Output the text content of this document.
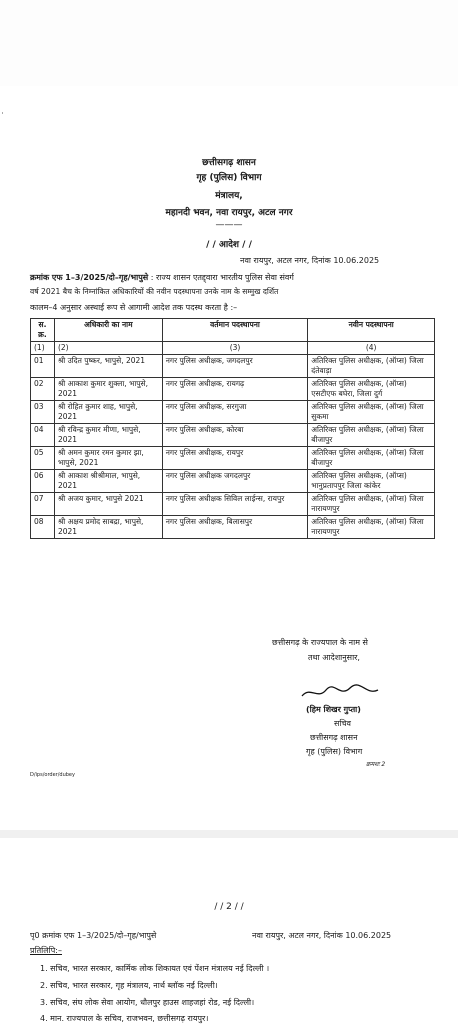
छत्तीसगढ़ शासन
गृह (पुलिस) विभाग
मंत्रालय,
महानदी भवन, नवा रायपुर, अटल नगर
———
/ / आदेश / /
नवा रायपुर, अटल नगर, दिनांक 10.06.2025
क्रमांक एफ 1–3/2025/दो–गृह/भापुसे : राज्य शासन एतद्द्वारा भारतीय पुलिस सेवा संवर्ग
वर्ष 2021 बैच के निम्नांकित अधिकारियों की नवीन पदस्थापना उनके नाम के सम्मुख दर्शित
कालम–4 अनुसार अस्थाई रूप से आगामी आदेश तक पदस्थ करता है :–
स. क्र.	अधिकारी का नाम	वर्तमान पदस्थापना	नवीन पदस्थापना
(1)	(2)	(3)	(4)
01	श्री उदित पुष्कर, भापुसे, 2021	नगर पुलिस अधीक्षक, जगदलपुर	अतिरिक्त पुलिस अधीक्षक, (ऑप्स) जिला दंतेवाड़ा
02	श्री आकाश कुमार शुक्ला, भापुसे, 2021	नगर पुलिस अधीक्षक, रायगढ़	अतिरिक्त पुलिस अधीक्षक, (ऑप्स) एसटीएफ बघेरा, जिला दुर्ग
03	श्री रोहित कुमार शाह, भापुसे, 2021	नगर पुलिस अधीक्षक, सरगुजा	अतिरिक्त पुलिस अधीक्षक, (ऑप्स) जिला सुकमा
04	श्री रविन्द्र कुमार मीणा, भापुसे, 2021	नगर पुलिस अधीक्षक, कोरबा	अतिरिक्त पुलिस अधीक्षक, (ऑप्स) जिला बीजापुर
05	श्री अमन कुमार रमन कुमार झा, भापुसे, 2021	नगर पुलिस अधीक्षक, रायपुर	अतिरिक्त पुलिस अधीक्षक, (ऑप्स) जिला बीजापुर
06	श्री आकाश श्रीश्रीमाल, भापुसे, 2021	नगर पुलिस अधीक्षक जगदलपुर	अतिरिक्त पुलिस अधीक्षक, (ऑप्स) भानुप्रतापपुर जिला कांकेर
07	श्री अजय कुमार, भापुसे 2021	नगर पुलिस अधीक्षक सिविल लाईन्स, रायपुर	अतिरिक्त पुलिस अधीक्षक, (ऑप्स) जिला नारायणपुर
08	श्री अक्षय प्रमोद साबद्रा, भापुसे, 2021	नगर पुलिस अधीक्षक, बिलासपुर	अतिरिक्त पुलिस अधीक्षक, (ऑप्स) जिला नारायणपुर
छत्तीसगढ़ के राज्यपाल के नाम से
तथा आदेशानुसार,
(हिम शिखर गुप्ता)
सचिव
छत्तीसगढ़ शासन
गृह (पुलिस) विभाग
D/ips/order/dubey
क्रमशः 2
˙
/ / 2 / /
पृ0 क्रमांक एफ 1–3/2025/दो–गृह/भापुसे	नवा रायपुर, अटल नगर, दिनांक 10.06.2025
प्रतिलिपि:–
1. सचिव, भारत सरकार, कार्मिक लोक शिकायत एवं पेंशन मंत्रालय नई दिल्ली ।
2. सचिव, भारत सरकार, गृह मंत्रालय, नार्थ ब्लॉक नई दिल्ली।
3. सचिव, संघ लोक सेवा आयोग, धौलपुर हाउस शाहजहां रोड, नई दिल्ली।
4. मान. राज्यपाल के सचिव, राजभवन, छत्तीसगढ़ रायपुर।
